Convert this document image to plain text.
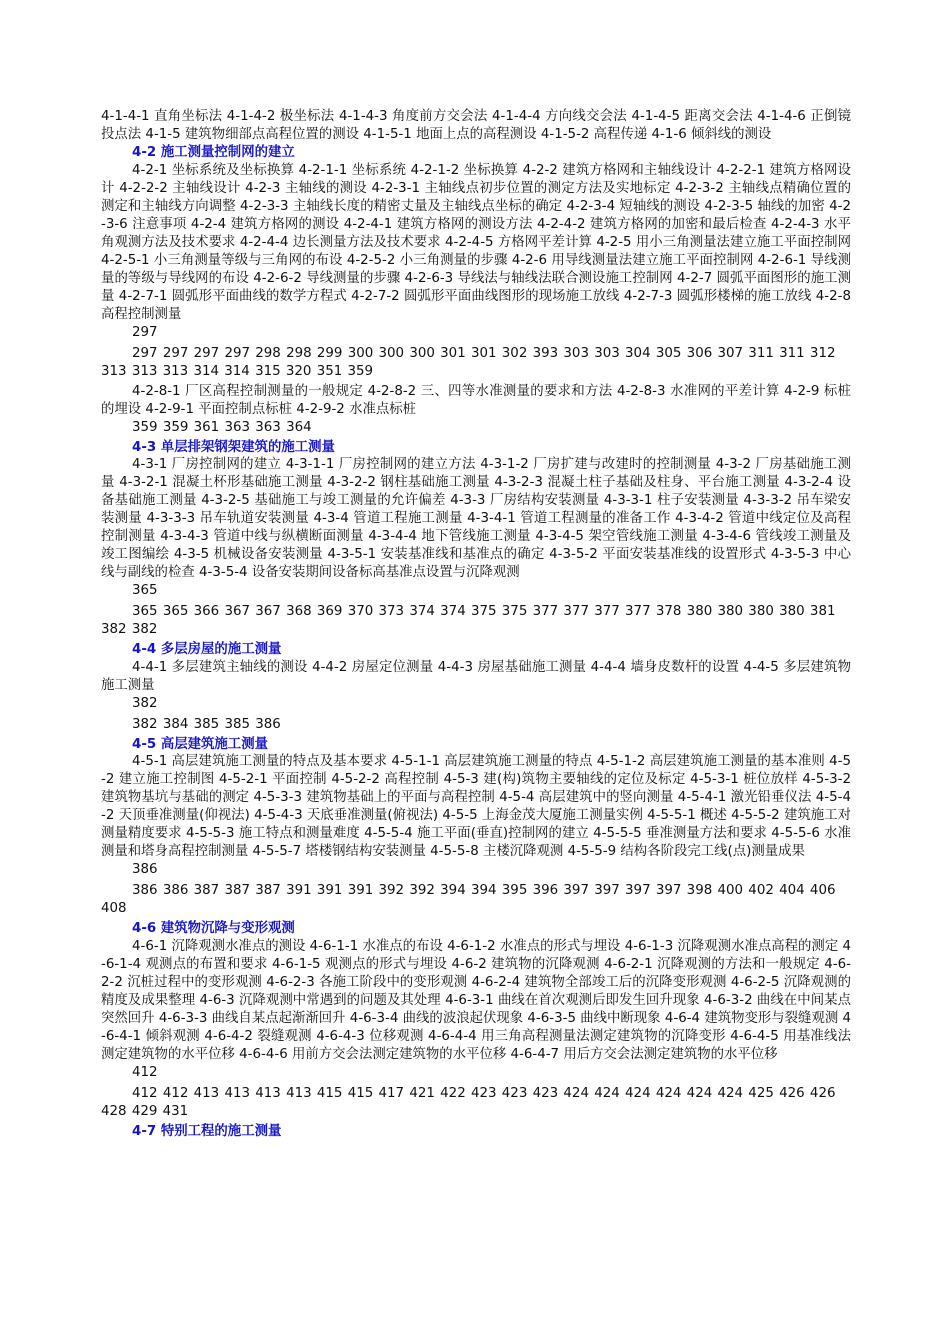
4-1-4-1 直角坐标法 4-1-4-2 极坐标法 4-1-4-3 角度前方交会法 4-1-4-4 方向线交会法 4-1-4-5 距离交会法 4-1-4-6 正倒镜投点法 4-1-5 建筑物细部点高程位置的测设 4-1-5-1 地面上点的高程测设 4-1-5-2 高程传递 4-1-6 倾斜线的测设

4-2 施工测量控制网的建立

4-2-1 坐标系统及坐标换算 4-2-1-1 坐标系统 4-2-1-2 坐标换算 4-2-2 建筑方格网和主轴线设计 4-2-2-1 建筑方格网设计 4-2-2-2 主轴线设计 4-2-3 主轴线的测设 4-2-3-1 主轴线点初步位置的测定方法及实地标定 4-2-3-2 主轴线点精确位置的测定和主轴线方向调整 4-2-3-3 主轴线长度的精密丈量及主轴线点坐标的确定 4-2-3-4 短轴线的测设 4-2-3-5 轴线的加密 4-2-3-6 注意事项 4-2-4 建筑方格网的测设 4-2-4-1 建筑方格网的测设方法 4-2-4-2 建筑方格网的加密和最后检查 4-2-4-3 水平角观测方法及技术要求 4-2-4-4 边长测量方法及技术要求 4-2-4-5 方格网平差计算 4-2-5 用小三角测量法建立施工平面控制网 4-2-5-1 小三角测量等级与三角网的布设 4-2-5-2 小三角测量的步骤 4-2-6 用导线测量法建立施工平面控制网 4-2-6-1 导线测量的等级与导线网的布设 4-2-6-2 导线测量的步骤 4-2-6-3 导线法与轴线法联合测设施工控制网 4-2-7 圆弧平面图形的施工测量 4-2-7-1 圆弧形平面曲线的数学方程式 4-2-7-2 圆弧形平面曲线图形的现场施工放线 4-2-7-3 圆弧形楼梯的施工放线 4-2-8 高程控制测量

297

297 297 297 297 298 298 299 300 300 300 301 301 302 393 303 303 304 305 306 307 311 311 312 313 313 313 314 314 315 320 351 359

4-2-8-1 厂区高程控制测量的一般规定 4-2-8-2 三、四等水准测量的要求和方法 4-2-8-3 水准网的平差计算 4-2-9 标桩的埋设 4-2-9-1 平面控制点标桩 4-2-9-2 水准点标桩

359 359 361 363 363 364

4-3 单层排架钢架建筑的施工测量

4-3-1 厂房控制网的建立 4-3-1-1 厂房控制网的建立方法 4-3-1-2 厂房扩建与改建时的控制测量 4-3-2 厂房基础施工测量 4-3-2-1 混凝土杯形基础施工测量 4-3-2-2 钢柱基础施工测量 4-3-2-3 混凝土柱子基础及柱身、平台施工测量 4-3-2-4 设备基础施工测量 4-3-2-5 基础施工与竣工测量的允许偏差 4-3-3 厂房结构安装测量 4-3-3-1 柱子安装测量 4-3-3-2 吊车梁安装测量 4-3-3-3 吊车轨道安装测量 4-3-4 管道工程施工测量 4-3-4-1 管道工程测量的准备工作 4-3-4-2 管道中线定位及高程控制测量 4-3-4-3 管道中线与纵横断面测量 4-3-4-4 地下管线施工测量 4-3-4-5 架空管线施工测量 4-3-4-6 管线竣工测量及竣工图编绘 4-3-5 机械设备安装测量 4-3-5-1 安装基准线和基准点的确定 4-3-5-2 平面安装基准线的设置形式 4-3-5-3 中心线与副线的检查 4-3-5-4 设备安装期间设备标高基准点设置与沉降观测

365

365 365 366 367 367 368 369 370 373 374 374 375 375 377 377 377 377 378 380 380 380 380 381 382 382

4-4 多层房屋的施工测量

4-4-1 多层建筑主轴线的测设 4-4-2 房屋定位测量 4-4-3 房屋基础施工测量 4-4-4 墙身皮数杆的设置 4-4-5 多层建筑物施工测量

382

382 384 385 385 386

4-5 高层建筑施工测量

4-5-1 高层建筑施工测量的特点及基本要求 4-5-1-1 高层建筑施工测量的特点 4-5-1-2 高层建筑施工测量的基本准则 4-5-2 建立施工控制图 4-5-2-1 平面控制 4-5-2-2 高程控制 4-5-3 建(构)筑物主要轴线的定位及标定 4-5-3-1 桩位放样 4-5-3-2 建筑物基坑与基础的测定 4-5-3-3 建筑物基础上的平面与高程控制 4-5-4 高层建筑中的竖向测量 4-5-4-1 激光铅垂仪法 4-5-4-2 天顶垂准测量(仰视法) 4-5-4-3 天底垂准测量(俯视法) 4-5-5 上海金茂大厦施工测量实例 4-5-5-1 概述 4-5-5-2 建筑施工对测量精度要求 4-5-5-3 施工特点和测量难度 4-5-5-4 施工平面(垂直)控制网的建立 4-5-5-5 垂准测量方法和要求 4-5-5-6 水准测量和塔身高程控制测量 4-5-5-7 塔楼钢结构安装测量 4-5-5-8 主楼沉降观测 4-5-5-9 结构各阶段完工线(点)测量成果

386

386 386 387 387 387 391 391 391 392 392 394 394 395 396 397 397 397 397 398 400 402 404 406 408

4-6 建筑物沉降与变形观测

4-6-1 沉降观测水准点的测设 4-6-1-1 水准点的布设 4-6-1-2 水准点的形式与埋设 4-6-1-3 沉降观测水准点高程的测定 4-6-1-4 观测点的布置和要求 4-6-1-5 观测点的形式与埋设 4-6-2 建筑物的沉降观测 4-6-2-1 沉降观测的方法和一般规定 4-6-2-2 沉桩过程中的变形观测 4-6-2-3 各施工阶段中的变形观测 4-6-2-4 建筑物全部竣工后的沉降变形观测 4-6-2-5 沉降观测的精度及成果整理 4-6-3 沉降观测中常遇到的问题及其处理 4-6-3-1 曲线在首次观测后即发生回升现象 4-6-3-2 曲线在中间某点突然回升 4-6-3-3 曲线自某点起渐渐回升 4-6-3-4 曲线的波浪起伏现象 4-6-3-5 曲线中断现象 4-6-4 建筑物变形与裂缝观测 4-6-4-1 倾斜观测 4-6-4-2 裂缝观测 4-6-4-3 位移观测 4-6-4-4 用三角高程测量法测定建筑物的沉降变形 4-6-4-5 用基准线法测定建筑物的水平位移 4-6-4-6 用前方交会法测定建筑物的水平位移 4-6-4-7 用后方交会法测定建筑物的水平位移

412

412 412 413 413 413 413 415 415 417 421 422 423 423 423 424 424 424 424 424 424 425 426 426 428 429 431

4-7 特别工程的施工测量
